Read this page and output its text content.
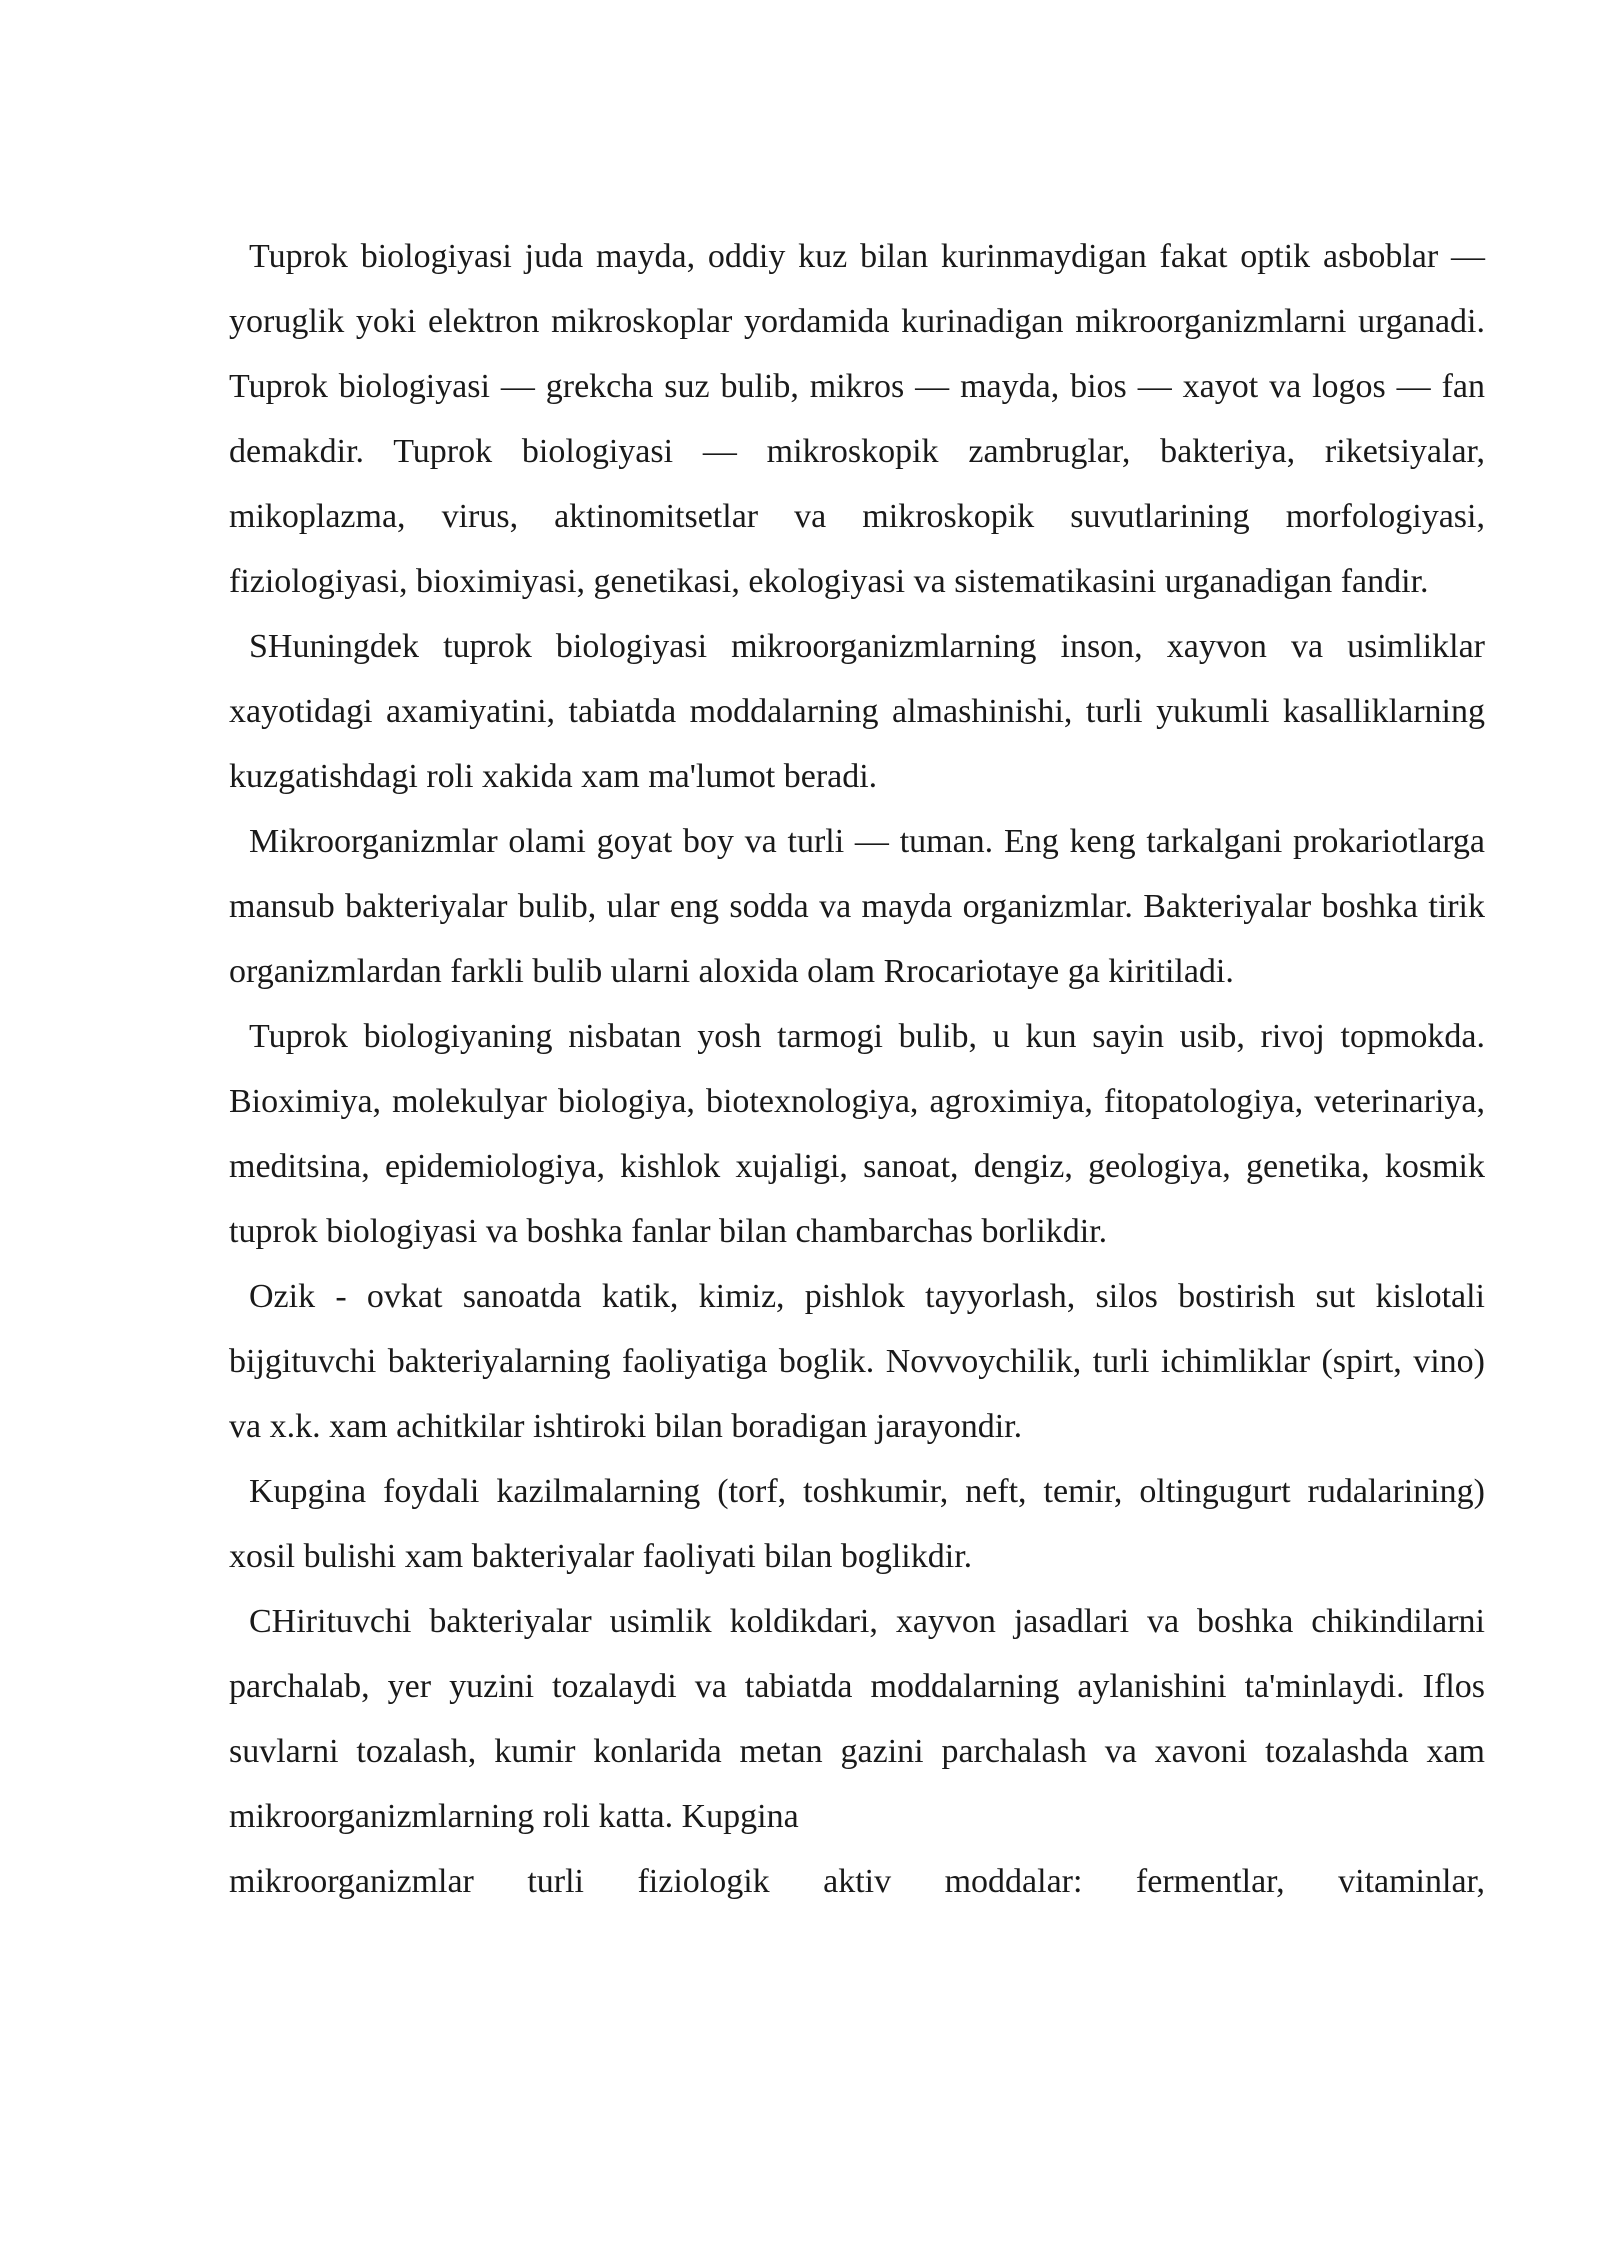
Tuprok biologiyasi juda mayda, oddiy kuz bilan kurinmaydigan fakat optik asboblar — yoruglik yoki elektron mikroskoplar yordamida kurinadigan mikroorganizmlarni urganadi. Tuprok biologiyasi — grekcha suz bulib, mikros — mayda, bios — xayot va logos — fan demakdir. Tuprok biologiyasi — mikroskopik zambruglar, bakteriya, riketsiyalar, mikoplazma, virus, aktinomitsetlar va mikroskopik suvutlarining morfologiyasi, fiziologiyasi, bioximiyasi, genetikasi, ekologiyasi va sistematikasini urganadigan fandir.

SHuningdek tuprok biologiyasi mikroorganizmlarning inson, xayvon va usimliklar xayotidagi axamiyatini, tabiatda moddalarning almashinishi, turli yukumli kasalliklarning kuzgatishdagi roli xakida xam ma'lumot beradi.

Mikroorganizmlar olami goyat boy va turli — tuman. Eng keng tarkalgani prokariotlarga mansub bakteriyalar bulib, ular eng sodda va mayda organizmlar. Bakteriyalar boshka tirik organizmlardan farkli bulib ularni aloxida olam Rrocariotaye ga kiritiladi.

Tuprok biologiyaning nisbatan yosh tarmogi bulib, u kun sayin usib, rivoj topmokda. Bioximiya, molekulyar biologiya, biotexnologiya, agroximiya, fitopatologiya, veterinariya, meditsina, epidemiologiya, kishlok xujaligi, sanoat, dengiz, geologiya, genetika, kosmik tuprok biologiyasi va boshka fanlar bilan chambarchas borlikdir.

Ozik - ovkat sanoatda katik, kimiz, pishlok tayyorlash, silos bostirish sut kislotali bijgituvchi bakteriyalarning faoliyatiga boglik. Novvoychilik, turli ichimliklar (spirt, vino) va x.k. xam achitkilar ishtiroki bilan boradigan jarayondir.

Kupgina foydali kazilmalarning (torf, toshkumir, neft, temir, oltingugurt rudalarining) xosil bulishi xam bakteriyalar faoliyati bilan boglikdir.

CHirituvchi bakteriyalar usimlik koldikdari, xayvon jasadlari va boshka chikindilarni parchalab, yer yuzini tozalaydi va tabiatda moddalarning aylanishini ta'minlaydi. Iflos suvlarni tozalash, kumir konlarida metan gazini parchalash va xavoni tozalashda xam mikroorganizmlarning roli katta. Kupgina

mikroorganizmlar turli fiziologik aktiv moddalar: fermentlar, vitaminlar,
